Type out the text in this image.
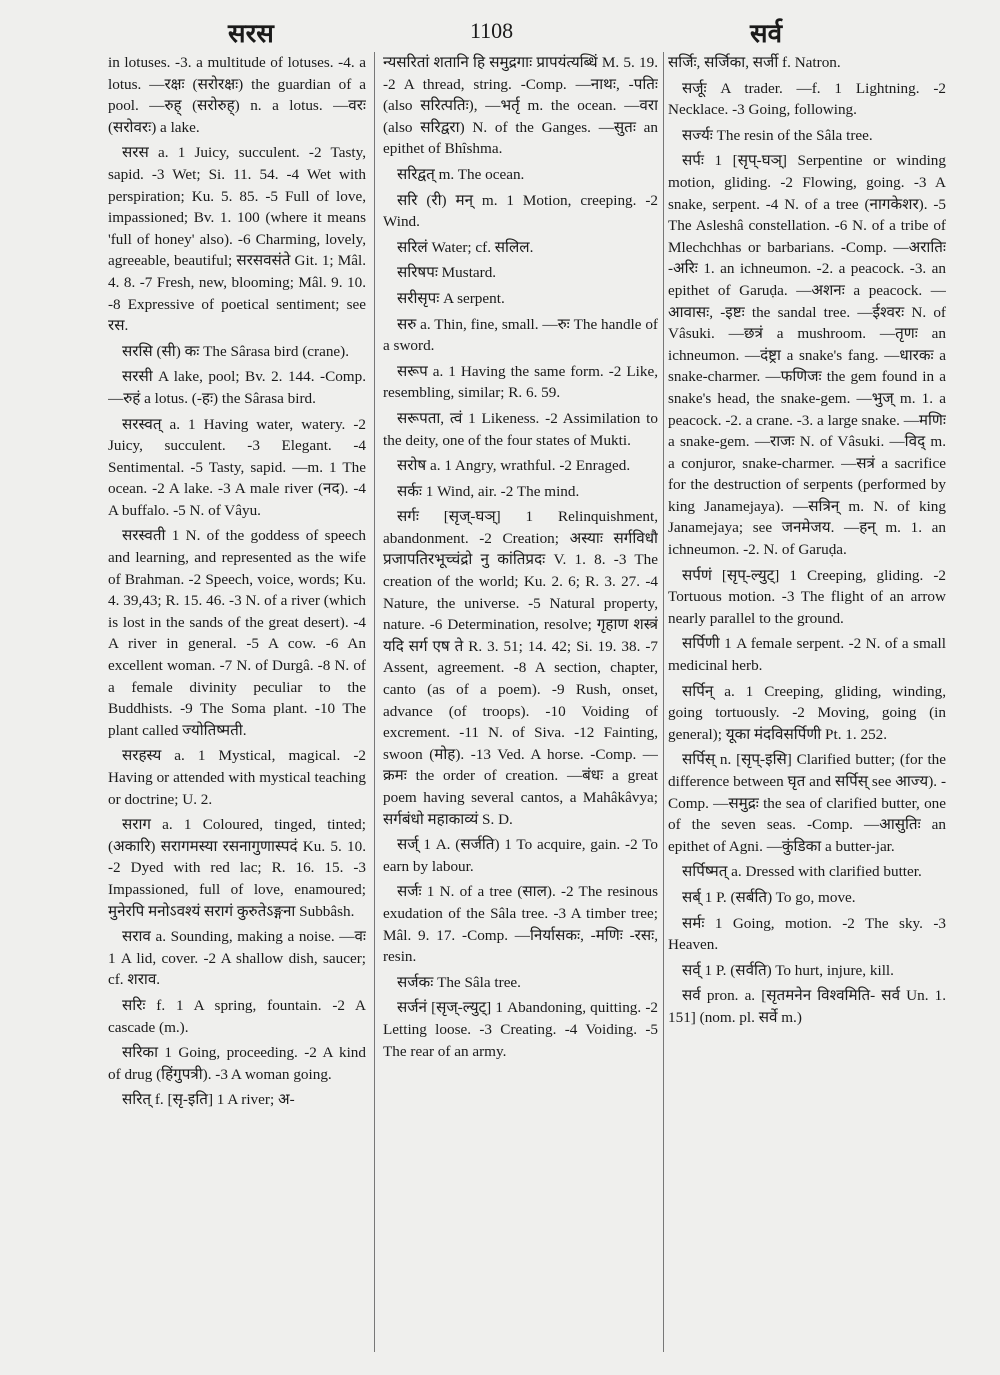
सरस	1108	सर्व

in lotuses. -3. a multitude of lotuses. -4. a lotus. —रक्षः (सरोरक्षः) the guardian of a pool. —रुह् (सरोरुह्) n. a lotus. —वरः (सरोवरः) a lake.

सरस a. 1 Juicy, succulent. -2 Tasty, sapid. -3 Wet; Si. 11. 54. -4 Wet with perspiration; Ku. 5. 85. -5 Full of love, impassioned; Bv. 1. 100 (where it means 'full of honey' also). -6 Charming, lovely, agreeable, beautiful; सरसवसंते Git. 1; Mâl. 4. 8. -7 Fresh, new, blooming; Mâl. 9. 10. -8 Expressive of poetical sentiment; see रस.

सरसि (सी) कः The Sârasa bird (crane).

सरसी A lake, pool; Bv. 2. 144. -Comp. —रुहं a lotus. (-हः) the Sârasa bird.

सरस्वत् a. 1 Having water, watery. -2 Juicy, succulent. -3 Elegant. -4 Sentimental. -5 Tasty, sapid. —m. 1 The ocean. -2 A lake. -3 A male river (नद). -4 A buffalo. -5 N. of Vâyu.

सरस्वती 1 N. of the goddess of speech and learning, and represented as the wife of Brahman. -2 Speech, voice, words; Ku. 4. 39,43; R. 15. 46. -3 N. of a river (which is lost in the sands of the great desert). -4 A river in general. -5 A cow. -6 An excellent woman. -7 N. of Durgâ. -8 N. of a female divinity peculiar to the Buddhists. -9 The Soma plant. -10 The plant called ज्योतिष्मती.

सरहस्य a. 1 Mystical, magical. -2 Having or attended with mystical teaching or doctrine; U. 2.

सराग a. 1 Coloured, tinged, tinted; (अकारि) सरागमस्या रसनागुणास्पदं Ku. 5. 10. -2 Dyed with red lac; R. 16. 15. -3 Impassioned, full of love, enamoured; मुनेरपि मनोऽवश्यं सरागं कुरुतेऽङ्गना Subbâsh.

सराव a. Sounding, making a noise. —वः 1 A lid, cover. -2 A shallow dish, saucer; cf. शराव.

सरिः f. 1 A spring, fountain. -2 A cascade (m.).

सरिका 1 Going, proceeding. -2 A kind of drug (हिंगुपत्री). -3 A woman going.

सरित् f. [सृ-इति] 1 A river; अ-

न्यसरितां शतानि हि समुद्रगाः प्रापयंत्यब्धिं M. 5. 19. -2 A thread, string. -Comp. —नाथः, -पतिः (also सरित्पतिः), —भर्तृ m. the ocean. —वरा (also सरिद्वरा) N. of the Ganges. —सुतः an epithet of Bhîshma.

सरिद्वत् m. The ocean.

सरि (री) मन् m. 1 Motion, creeping. -2 Wind.

सरिलं Water; cf. सलिल.

सरिषपः Mustard.

सरीसृपः A serpent.

सरु a. Thin, fine, small. —रुः The handle of a sword.

सरूप a. 1 Having the same form. -2 Like, resembling, similar; R. 6. 59.

सरूपता, त्वं 1 Likeness. -2 Assimilation to the deity, one of the four states of Mukti.

सरोष a. 1 Angry, wrathful. -2 Enraged.

सर्कः 1 Wind, air. -2 The mind.

सर्गः [सृज्-घञ्] 1 Relinquishment, abandonment. -2 Creation; अस्याः सर्गविधौ प्रजापतिरभूच्चंद्रो नु कांतिप्रदः V. 1. 8. -3 The creation of the world; Ku. 2. 6; R. 3. 27. -4 Nature, the universe. -5 Natural property, nature. -6 Determination, resolve; गृहाण शस्त्रं यदि सर्ग एष ते R. 3. 51; 14. 42; Si. 19. 38. -7 Assent, agreement. -8 A section, chapter, canto (as of a poem). -9 Rush, onset, advance (of troops). -10 Voiding of excrement. -11 N. of Siva. -12 Fainting, swoon (मोह). -13 Ved. A horse. -Comp. —क्रमः the order of creation. —बंधः a great poem having several cantos, a Mahâkâvya; सर्गबंधो महाकाव्यं S. D.

सर्ज् 1 A. (सर्जति) 1 To acquire, gain. -2 To earn by labour.

सर्जः 1 N. of a tree (साल). -2 The resinous exudation of the Sâla tree. -3 A timber tree; Mâl. 9. 17. -Comp. —निर्यासकः, -मणिः -रसः, resin.

सर्जकः The Sâla tree.

सर्जनं [सृज्-ल्युट्] 1 Abandoning, quitting. -2 Letting loose. -3 Creating. -4 Voiding. -5 The rear of an army.

सर्जिः, सर्जिका, सर्जी f. Natron.

सर्जूः A trader. —f. 1 Lightning. -2 Necklace. -3 Going, following.

सर्ज्यः The resin of the Sâla tree.

सर्पः 1 [सृप्-घञ्] Serpentine or winding motion, gliding. -2 Flowing, going. -3 A snake, serpent. -4 N. of a tree (नागकेशर). -5 The Asleshâ constellation. -6 N. of a tribe of Mlechchhas or barbarians. -Comp. —अरातिः -अरिः 1. an ichneumon. -2. a peacock. -3. an epithet of Garuḍa. —अशनः a peacock. —आवासः, -इष्टः the sandal tree. —ईश्वरः N. of Vâsuki. —छत्रं a mushroom. —तृणः an ichneumon. —दंष्ट्रा a snake's fang. —धारकः a snake-charmer. —फणिजः the gem found in a snake's head, the snake-gem. —भुज् m. 1. a peacock. -2. a crane. -3. a large snake. —मणिः a snake-gem. —राजः N. of Vâsuki. —विद् m. a conjuror, snake-charmer. —सत्रं a sacrifice for the destruction of serpents (performed by king Janamejaya). —सत्रिन् m. N. of king Janamejaya; see जनमेजय. —हन् m. 1. an ichneumon. -2. N. of Garuḍa.

सर्पणं [सृप्-ल्युट्] 1 Creeping, gliding. -2 Tortuous motion. -3 The flight of an arrow nearly parallel to the ground.

सर्पिणी 1 A female serpent. -2 N. of a small medicinal herb.

सर्पिन् a. 1 Creeping, gliding, winding, going tortuously. -2 Moving, going (in general); यूका मंदविसर्पिणी Pt. 1. 252.

सर्पिस् n. [सृप्-इसि] Clarified butter; (for the difference between घृत and सर्पिस् see आज्य). -Comp. —समुद्रः the sea of clarified butter, one of the seven seas. -Comp. —आसुतिः an epithet of Agni. —कुंडिका a butter-jar.

सर्पिष्मत् a. Dressed with clarified butter.

सर्ब् 1 P. (सर्बति) To go, move.

सर्मः 1 Going, motion. -2 The sky. -3 Heaven.

सर्व् 1 P. (सर्वति) To hurt, injure, kill.

सर्व pron. a. [सृतमनेन विश्वमिति- सर्व Un. 1. 151] (nom. pl. सर्वे m.)
